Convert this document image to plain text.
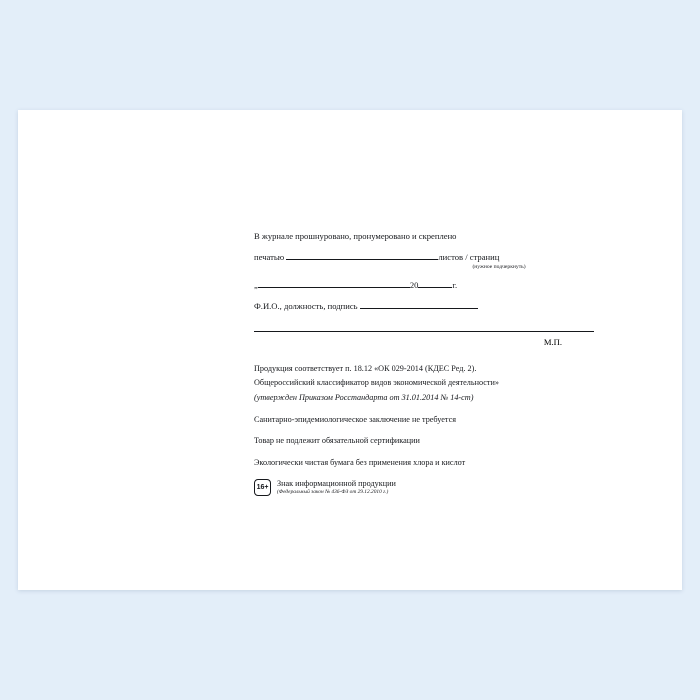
В журнале прошнуровано, пронумеровано и скреплено
печатью	листов / страниц
(нужное подчеркнуть)
„	20	г.
Ф.И.О., должность, подпись
М.П.
Продукция соответствует п. 18.12 «ОК 029-2014 (КДЕС Ред. 2).
Общероссийский классификатор видов экономической деятельности»
(утвержден Приказом Росстандарта от 31.01.2014 № 14-ст)
Санитарно-эпидемиологическое заключение не требуется
Товар не подлежит обязательной сертификации
Экологически чистая бумага без применения хлора и кислот
16+	Знак информационной продукции
(Федеральный закон № 436-ФЗ от 29.12.2010 г.)
